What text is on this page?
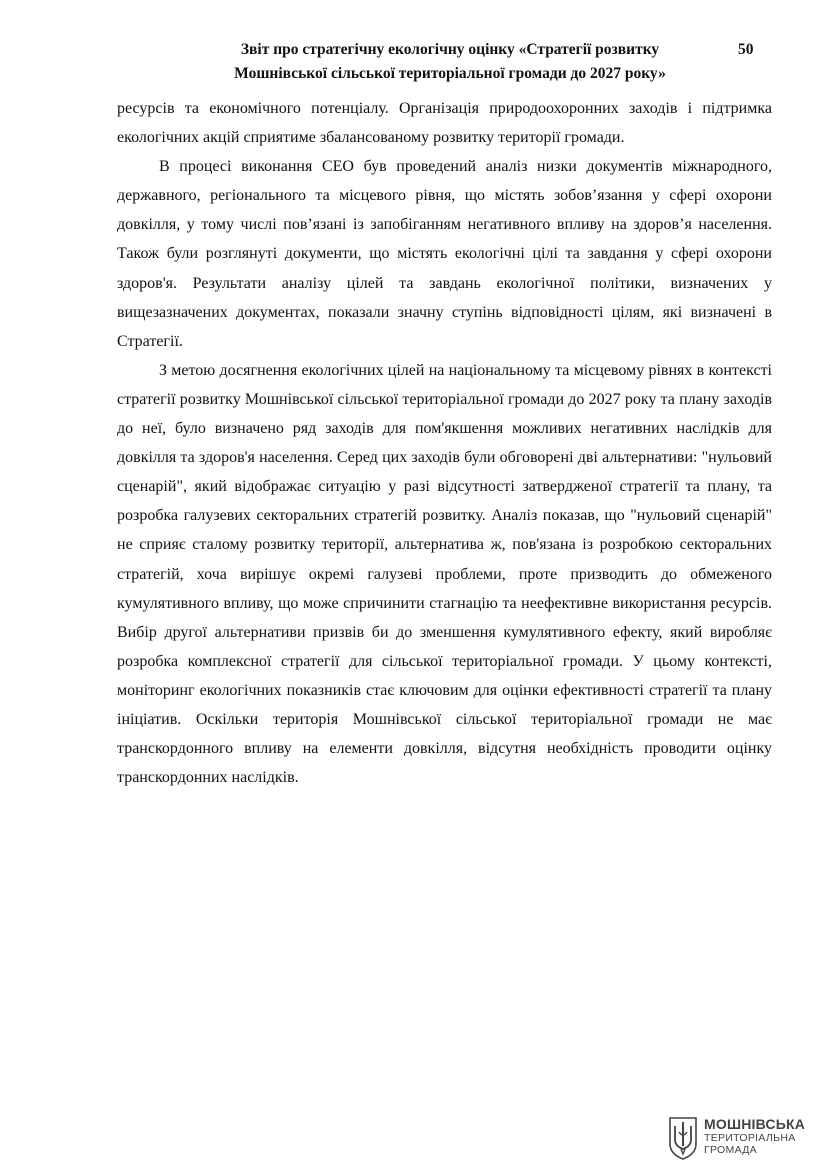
Звіт про стратегічну екологічну оцінку «Стратегії розвитку
Мошнівської сільської територіальної громади до 2027 року»
50

ресурсів та економічного потенціалу. Організація природоохоронних заходів і підтримка екологічних акцій сприятиме збалансованому розвитку території громади.

В процесі виконання СЕО був проведений аналіз низки документів міжнародного, державного, регіонального та місцевого рівня, що містять зобов’язання у сфері охорони довкілля, у тому числі пов’язані із запобіганням негативного впливу на здоров’я населення. Також були розглянуті документи, що містять екологічні цілі та завдання у сфері охорони здоров'я. Результати аналізу цілей та завдань екологічної політики, визначених у вищезазначених документах, показали значну ступінь відповідності цілям, які визначені в Стратегії.

З метою досягнення екологічних цілей на національному та місцевому рівнях в контексті стратегії розвитку Мошнівської сільської територіальної громади до 2027 року та плану заходів до неї, було визначено ряд заходів для пом'якшення можливих негативних наслідків для довкілля та здоров'я населення. Серед цих заходів були обговорені дві альтернативи: "нульовий сценарій", який відображає ситуацію у разі відсутності затвердженої стратегії та плану, та розробка галузевих секторальних стратегій розвитку. Аналіз показав, що "нульовий сценарій" не сприяє сталому розвитку території, альтернатива ж, пов'язана із розробкою секторальних стратегій, хоча вирішує окремі галузеві проблеми, проте призводить до обмеженого кумулятивного впливу, що може спричинити стагнацію та неефективне використання ресурсів. Вибір другої альтернативи призвів би до зменшення кумулятивного ефекту, який виробляє розробка комплексної стратегії для сільської територіальної громади. У цьому контексті, моніторинг екологічних показників стає ключовим для оцінки ефективності стратегії та плану ініціатив. Оскільки територія Мошнівської сільської територіальної громади не має транскордонного впливу на елементи довкілля, відсутня необхідність проводити оцінку транскордонних наслідків.

МОШНІВСЬКА
ТЕРИТОРІАЛЬНА
ГРОМАДА
